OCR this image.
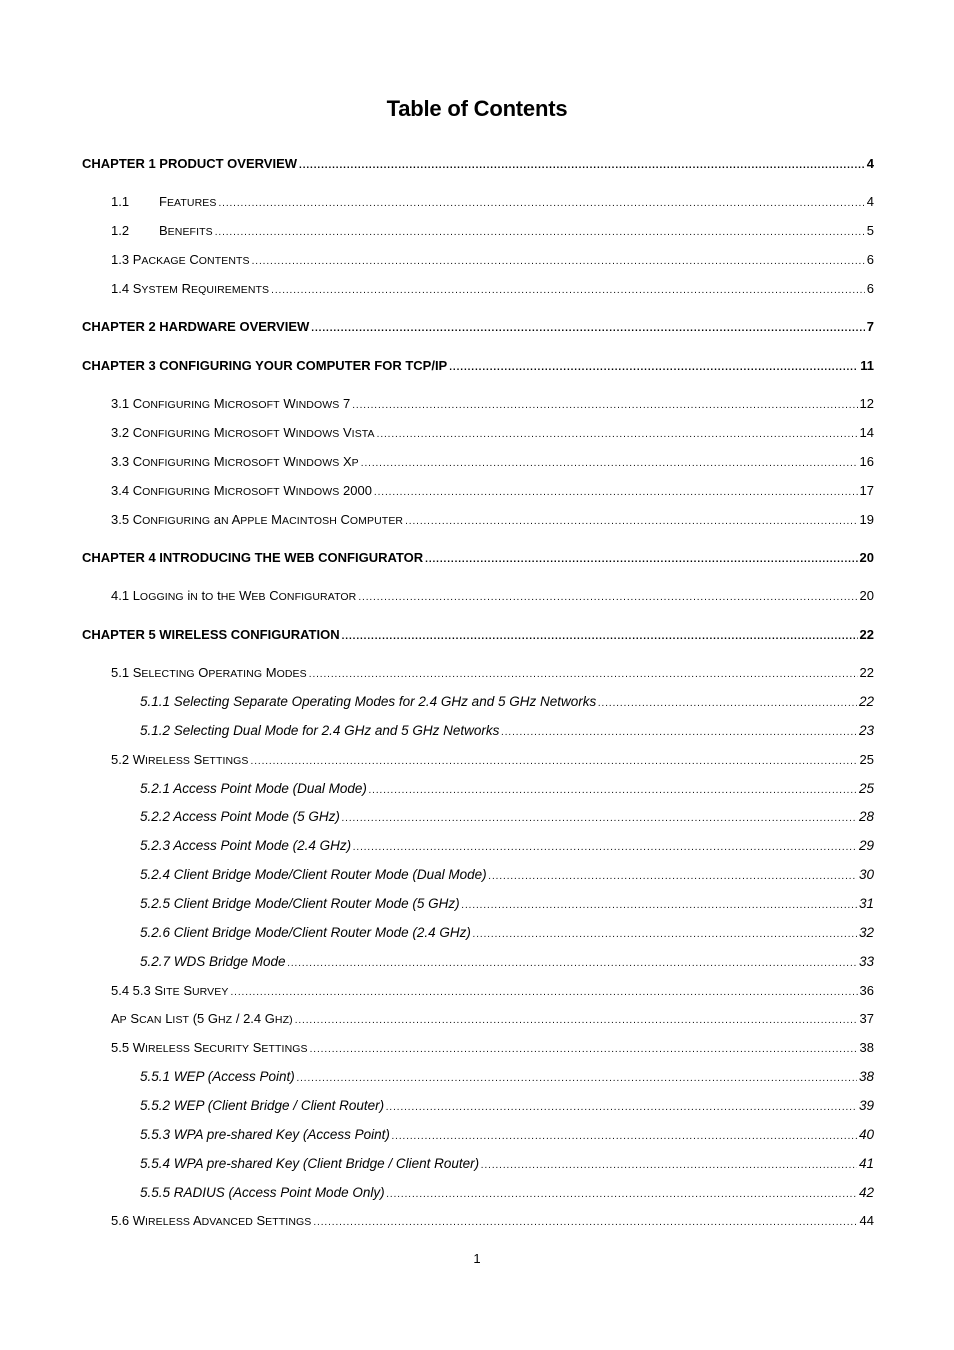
Table of Contents
CHAPTER 1 PRODUCT OVERVIEW .....	4
1.1 FEATURES .....	4
1.2 BENEFITS .....	5
1.3 PACKAGE CONTENTS .....	6
1.4 SYSTEM REQUIREMENTS .....	6
CHAPTER 2 HARDWARE OVERVIEW .....	7
CHAPTER 3 CONFIGURING YOUR COMPUTER FOR TCP/IP .....	11
3.1 CONFIGURING MICROSOFT WINDOWS 7 .....	12
3.2 CONFIGURING MICROSOFT WINDOWS VISTA .....	14
3.3 CONFIGURING MICROSOFT WINDOWS XP .....	16
3.4 CONFIGURING MICROSOFT WINDOWS 2000 .....	17
3.5 CONFIGURING aN APPLE MACINTOSH COMPUTER .....	19
CHAPTER 4 INTRODUCING THE WEB CONFIGURATOR .....	20
4.1 LOGGING iN tO tHE WEB CONFIGURATOR .....	20
CHAPTER 5 WIRELESS CONFIGURATION .....	22
5.1 SELECTING OPERATING MODES .....	22
5.1.1 Selecting Separate Operating Modes for 2.4 GHz and 5 GHz Networks .....	22
5.1.2 Selecting Dual Mode for 2.4 GHz and 5 GHz Networks .....	23
5.2 WIRELESS SETTINGS .....	25
5.2.1 Access Point Mode (Dual Mode) .....	25
5.2.2 Access Point Mode (5 GHz) .....	28
5.2.3 Access Point Mode (2.4 GHz) .....	29
5.2.4 Client Bridge Mode/Client Router Mode (Dual Mode) .....	30
5.2.5 Client Bridge Mode/Client Router Mode (5 GHz) .....	31
5.2.6 Client Bridge Mode/Client Router Mode (2.4 GHz) .....	32
5.2.7 WDS Bridge Mode .....	33
5.4 5.3 SITE SURVEY .....	36
AP SCAN LIST (5 GHZ / 2.4 GHZ) .....	37
5.5 WIRELESS SECURITY SETTINGS .....	38
5.5.1 WEP (Access Point) .....	38
5.5.2 WEP (Client Bridge / Client Router) .....	39
5.5.3 WPA pre-shared Key (Access Point) .....	40
5.5.4 WPA pre-shared Key (Client Bridge / Client Router) .....	41
5.5.5 RADIUS (Access Point Mode Only) .....	42
5.6 WIRELESS ADVANCED SETTINGS .....	44
1
